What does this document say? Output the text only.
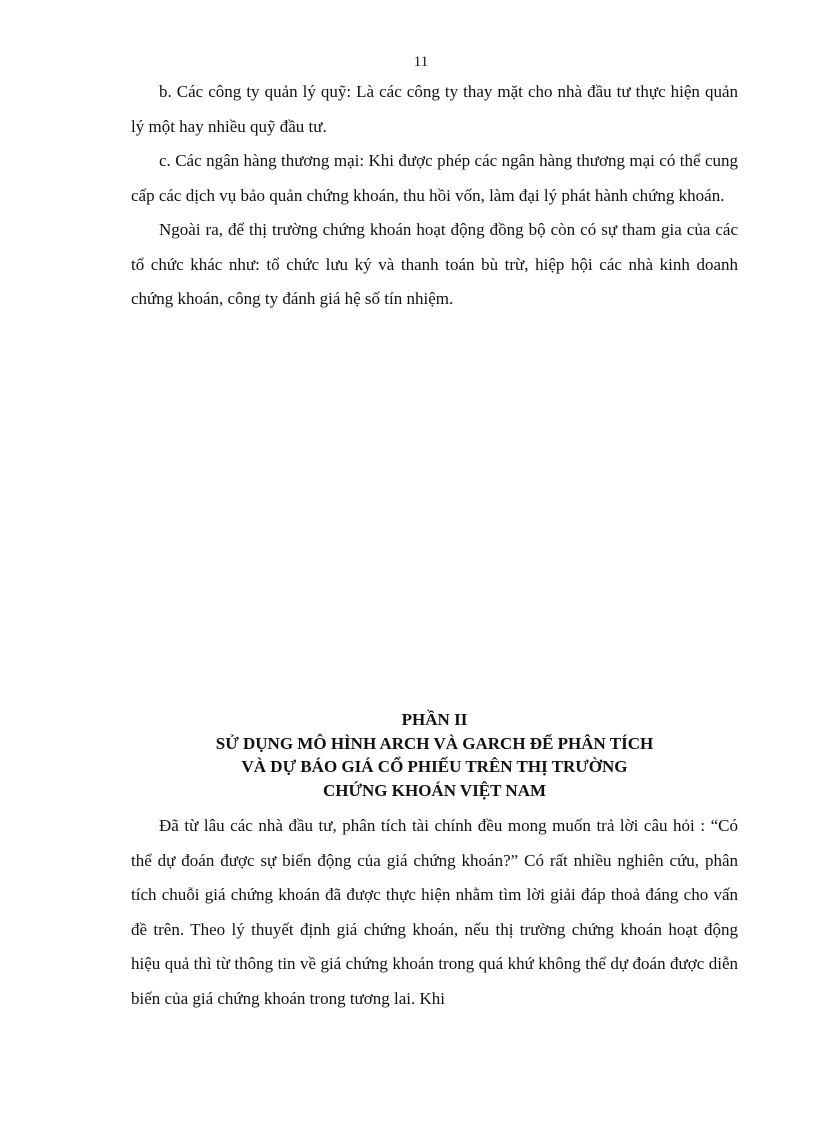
11

b. Các công ty quản lý quỹ: Là các công ty thay mặt cho nhà đầu tư thực hiện quản lý một hay nhiều quỹ đầu tư.

c. Các ngân hàng thương mại: Khi được phép các ngân hàng thương mại có thể cung cấp các dịch vụ bảo quản chứng khoán, thu hồi vốn, làm đại lý phát hành chứng khoán.

Ngoài ra, để thị trường chứng khoán hoạt động đồng bộ còn có sự tham gia của các tổ chức khác như: tổ chức lưu ký và thanh toán bù trừ, hiệp hội các nhà kinh doanh chứng khoán, công ty đánh giá hệ số tín nhiệm.

PHẦN II
SỬ DỤNG MÔ HÌNH ARCH VÀ GARCH ĐỂ PHÂN TÍCH
VÀ DỰ BÁO GIÁ CỔ PHIẾU TRÊN THỊ TRƯỜNG
CHỨNG KHOÁN VIỆT NAM

Đã từ lâu các nhà đầu tư, phân tích tài chính đều mong muốn trả lời câu hỏi : “Có thể dự đoán được sự biến động của giá chứng khoán?” Có rất nhiều nghiên cứu, phân tích chuỗi giá chứng khoán đã được thực hiện nhằm tìm lời giải đáp thoả đáng cho vấn đề trên. Theo lý thuyết định giá chứng khoán, nếu thị trường chứng khoán hoạt động hiệu quả thì từ thông tin về giá chứng khoán trong quá khứ không thể dự đoán được diễn biến của giá chứng khoán trong tương lai. Khi
